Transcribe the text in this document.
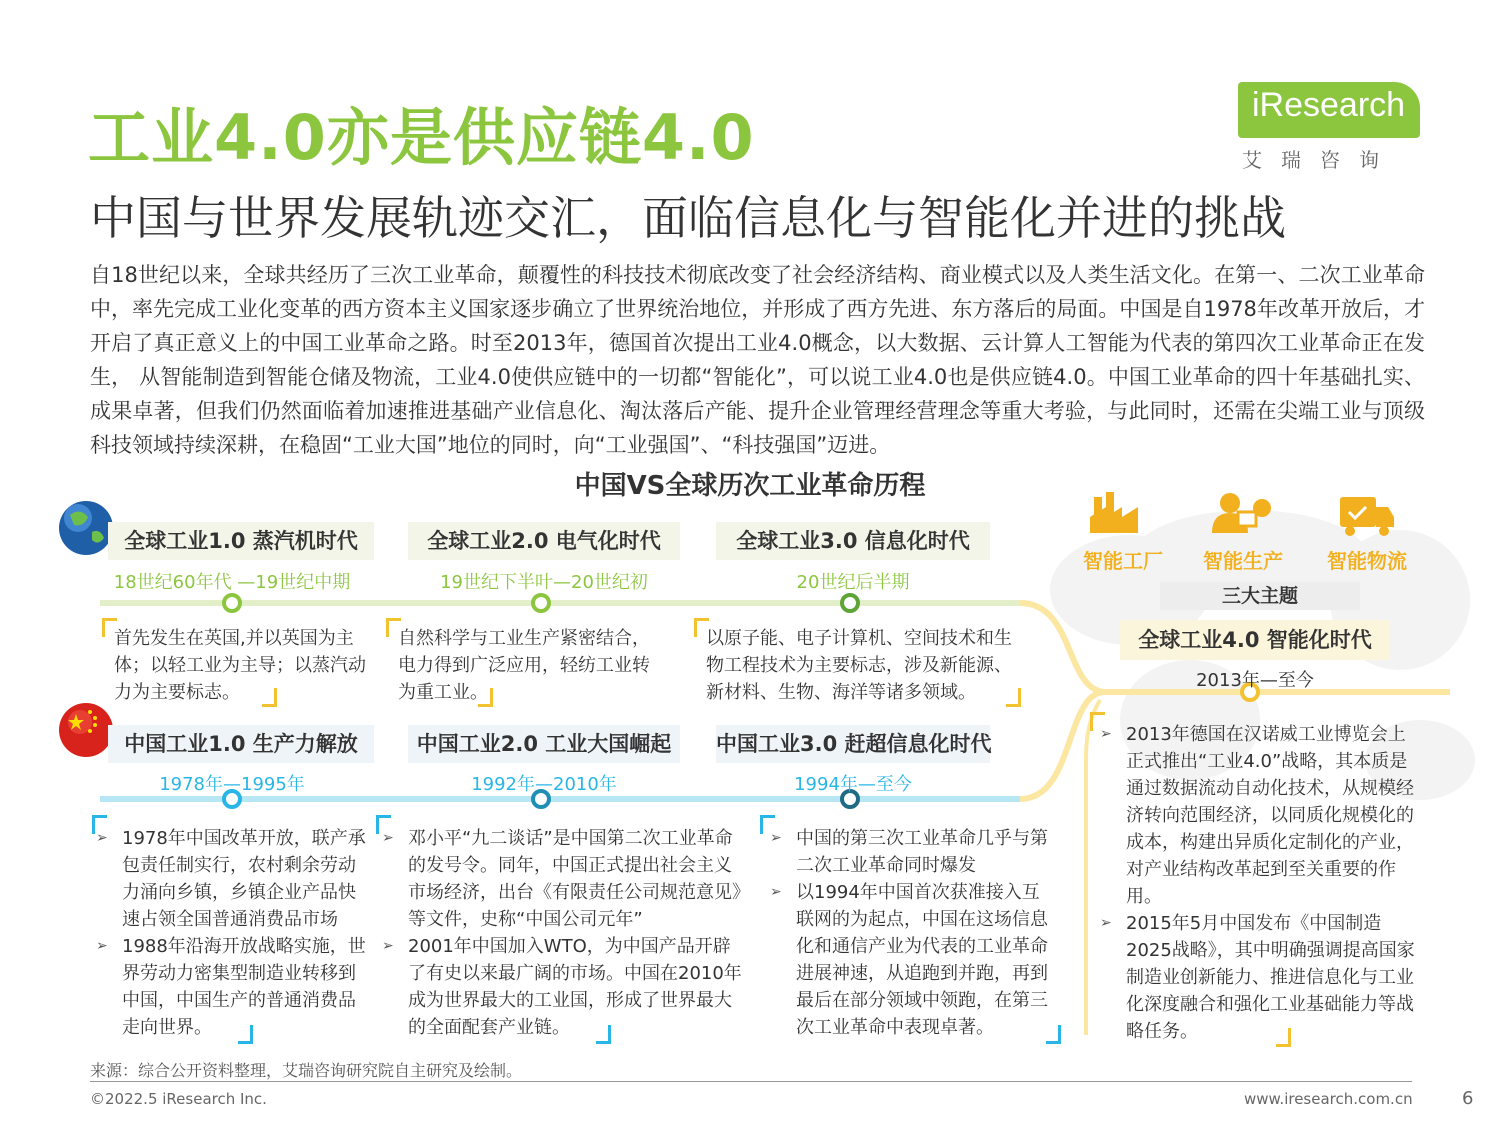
工业4.0亦是供应链4.0
中国与世界发展轨迹交汇，面临信息化与智能化并进的挑战
iResearch
艾瑞咨询
自18世纪以来，全球共经历了三次工业革命，颠覆性的科技技术彻底改变了社会经济结构、商业模式以及人类生活文化。在第一、二次工业革命中，率先完成工业化变革的西方资本主义国家逐步确立了世界统治地位，并形成了西方先进、东方落后的局面。中国是自1978年改革开放后，才开启了真正意义上的中国工业革命之路。时至2013年，德国首次提出工业4.0概念，以大数据、云计算人工智能为代表的第四次工业革命正在发生， 从智能制造到智能仓储及物流，工业4.0使供应链中的一切都“智能化”，可以说工业4.0也是供应链4.0。中国工业革命的四十年基础扎实、成果卓著，但我们仍然面临着加速推进基础产业信息化、淘汰落后产能、提升企业管理经营理念等重大考验，与此同时，还需在尖端工业与顶级科技领域持续深耕，在稳固“工业大国”地位的同时，向“工业强国”、“科技强国”迈进。
中国VS全球历次工业革命历程
全球工业1.0 蒸汽机时代	全球工业2.0 电气化时代	全球工业3.0 信息化时代
18世纪60年代 —19世纪中期	19世纪下半叶—20世纪初	20世纪后半期
首先发生在英国,并以英国为主体；以轻工业为主导；以蒸汽动力为主要标志。
自然科学与工业生产紧密结合，电力得到广泛应用，轻纺工业转为重工业。
以原子能、电子计算机、空间技术和生物工程技术为主要标志，涉及新能源、新材料、生物、海洋等诸多领域。
中国工业1.0 生产力解放	中国工业2.0 工业大国崛起	中国工业3.0 赶超信息化时代
1978年—1995年	1992年—2010年	1994年—至今
➢ 1978年中国改革开放，联产承包责任制实行，农村剩余劳动力涌向乡镇，乡镇企业产品快速占领全国普通消费品市场
➢ 1988年沿海开放战略实施，世界劳动力密集型制造业转移到中国，中国生产的普通消费品走向世界。
➢ 邓小平“九二谈话”是中国第二次工业革命的发号令。同年，中国正式提出社会主义市场经济，出台《有限责任公司规范意见》等文件，史称“中国公司元年”
➢ 2001年中国加入WTO，为中国产品开辟了有史以来最广阔的市场。中国在2010年成为世界最大的工业国，形成了世界最大的全面配套产业链。
➢ 中国的第三次工业革命几乎与第二次工业革命同时爆发
➢ 以1994年中国首次获准接入互联网的为起点，中国在这场信息化和通信产业为代表的工业革命进展神速，从追跑到并跑，再到最后在部分领域中领跑，在第三次工业革命中表现卓著。
智能工厂 智能生产 智能物流
三大主题
全球工业4.0 智能化时代
2013年—至今
➢ 2013年德国在汉诺威工业博览会上正式推出“工业4.0”战略，其本质是通过数据流动自动化技术，从规模经济转向范围经济，以同质化规模化的成本，构建出异质化定制化的产业，对产业结构改革起到至关重要的作用。
➢ 2015年5月中国发布《中国制造2025战略》，其中明确强调提高国家制造业创新能力、推进信息化与工业化深度融合和强化工业基础能力等战略任务。
来源：综合公开资料整理，艾瑞咨询研究院自主研究及绘制。
©2022.5 iResearch Inc.	www.iresearch.com.cn	6
